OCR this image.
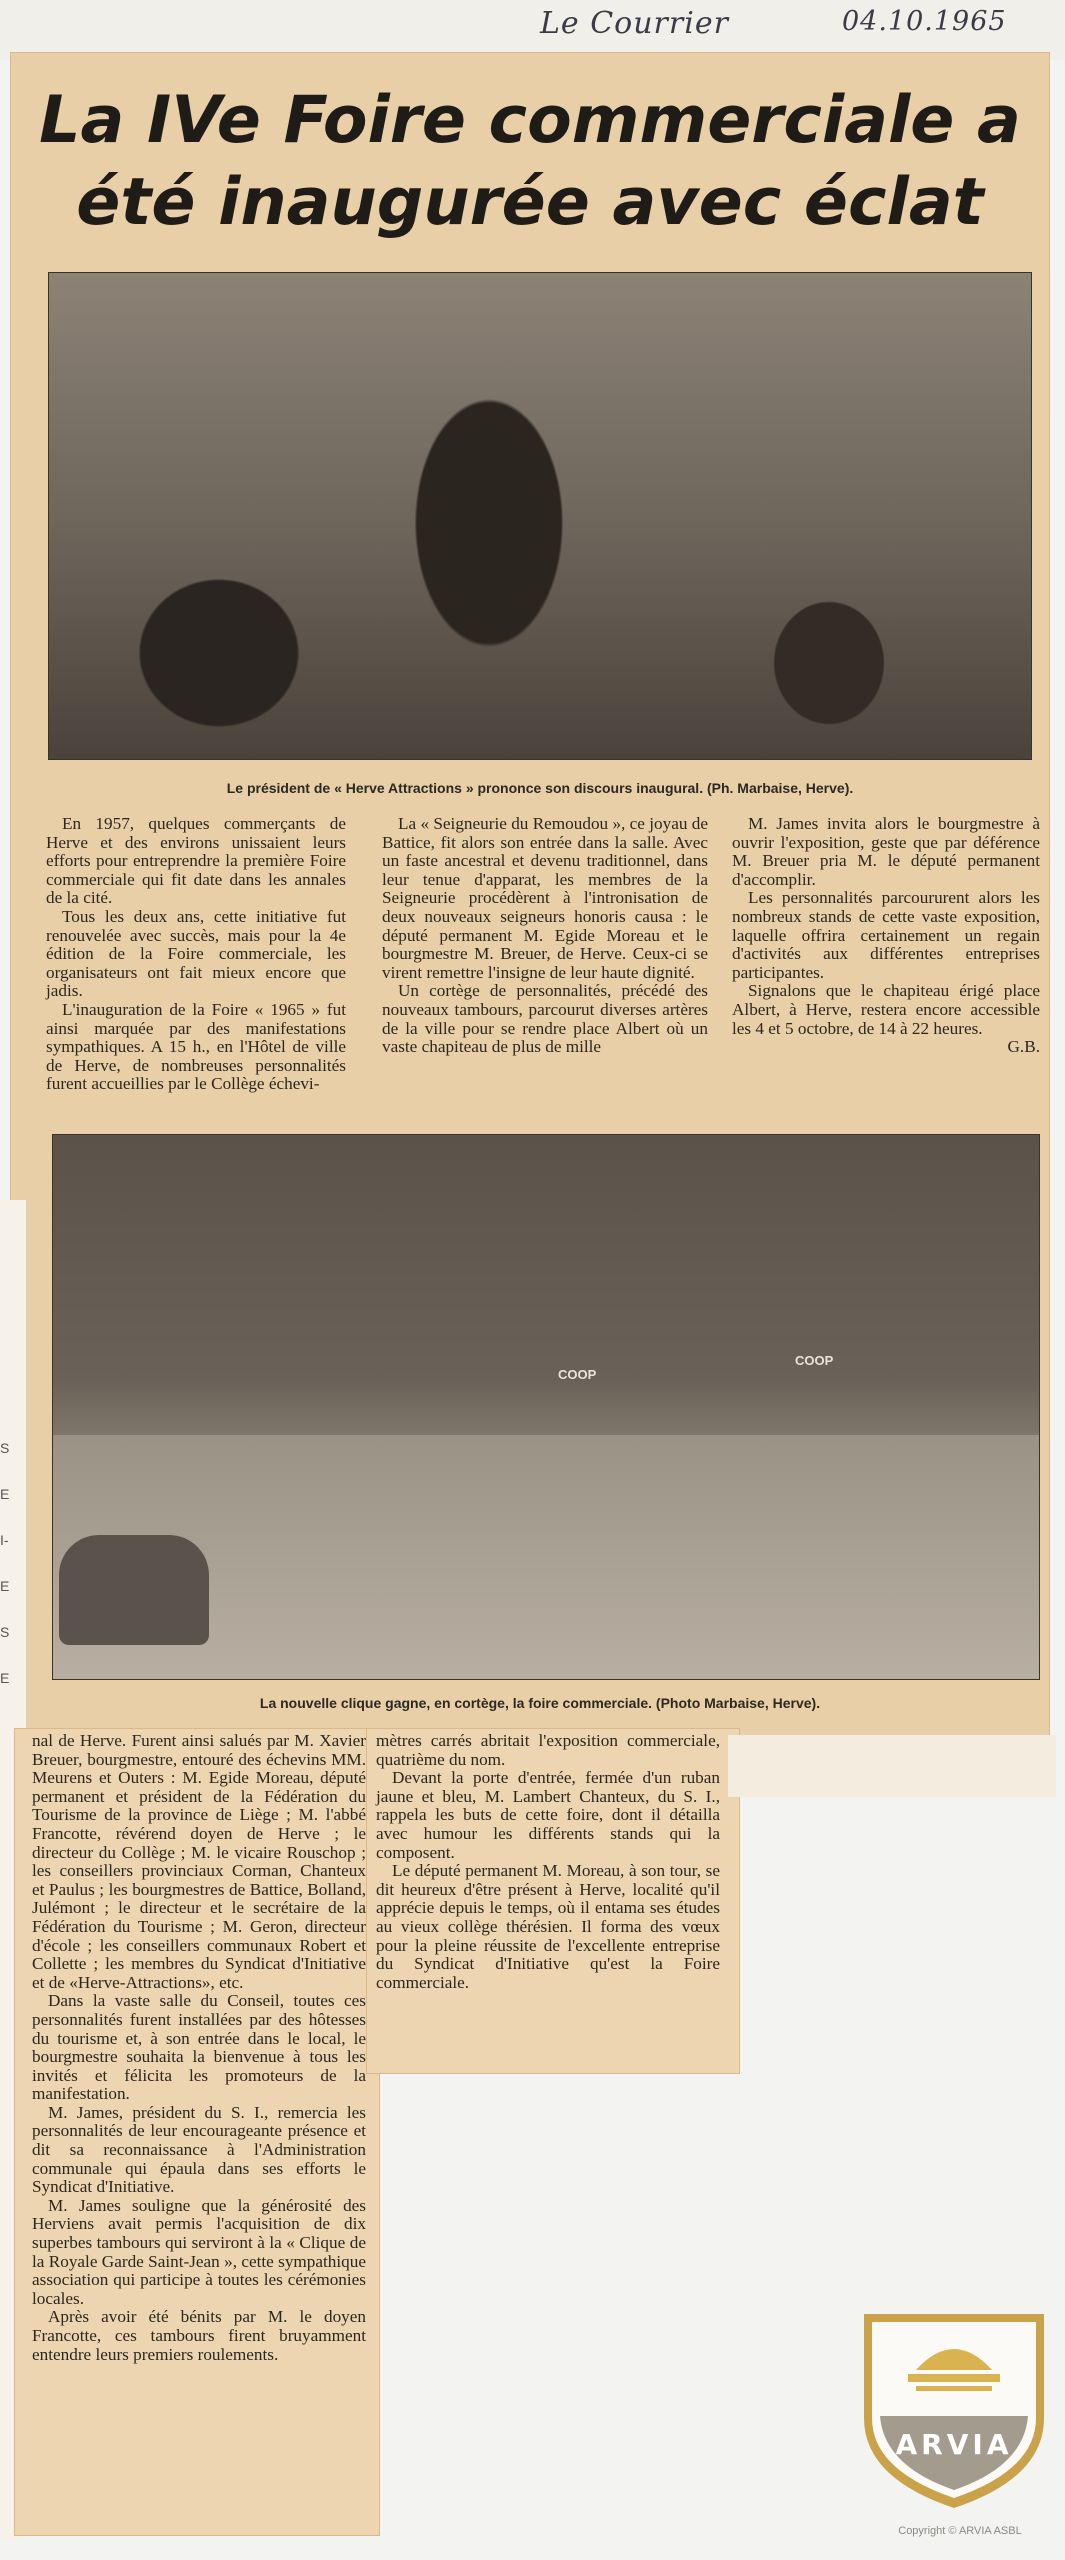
Le Courrier	04.10.1965
La IVe Foire commerciale a été inaugurée avec éclat

Le président de « Herve Attractions » prononce son discours inaugural. (Ph. Marbaise, Herve).

En 1957, quelques commerçants de Herve et des environs unissaient leurs efforts pour entreprendre la première Foire commerciale qui fit date dans les annales de la cité.

Tous les deux ans, cette initiative fut renouvelée avec succès, mais pour la 4e édition de la Foire commerciale, les organisateurs ont fait mieux encore que jadis.

L'inauguration de la Foire « 1965 » fut ainsi marquée par des manifestations sympathiques. A 15 h., en l'Hôtel de ville de Herve, de nombreuses personnalités furent accueillies par le Collège échevi-

La « Seigneurie du Remoudou », ce joyau de Battice, fit alors son entrée dans la salle. Avec un faste ancestral et devenu traditionnel, dans leur tenue d'apparat, les membres de la Seigneurie procédèrent à l'intronisation de deux nouveaux seigneurs honoris causa : le député permanent M. Egide Moreau et le bourgmestre M. Breuer, de Herve. Ceux-ci se virent remettre l'insigne de leur haute dignité.

Un cortège de personnalités, précédé des nouveaux tambours, parcourut diverses artères de la ville pour se rendre place Albert où un vaste chapiteau de plus de mille

M. James invita alors le bourgmestre à ouvrir l'exposition, geste que par déférence M. Breuer pria M. le député permanent d'accomplir.

Les personnalités parcoururent alors les nombreux stands de cette vaste exposition, laquelle offrira certainement un regain d'activités aux différentes entreprises participantes.

Signalons que le chapiteau érigé place Albert, à Herve, restera encore accessible les 4 et 5 octobre, de 14 à 22 heures.

G.B.

COOP
COOP

La nouvelle clique gagne, en cortège, la foire commerciale. (Photo Marbaise, Herve).

nal de Herve. Furent ainsi salués par M. Xavier Breuer, bourgmestre, entouré des échevins MM. Meurens et Outers : M. Egide Moreau, député permanent et président de la Fédération du Tourisme de la province de Liège ; M. l'abbé Francotte, révérend doyen de Herve ; le directeur du Collège ; M. le vicaire Rouschop ; les conseillers provinciaux Corman, Chanteux et Paulus ; les bourgmestres de Battice, Bolland, Julémont ; le directeur et le secrétaire de la Fédération du Tourisme ; M. Geron, directeur d'école ; les conseillers communaux Robert et Collette ; les membres du Syndicat d'Initiative et de «Herve-Attractions», etc.

Dans la vaste salle du Conseil, toutes ces personnalités furent installées par des hôtesses du tourisme et, à son entrée dans le local, le bourgmestre souhaita la bienvenue à tous les invités et félicita les promoteurs de la manifestation.

M. James, président du S. I., remercia les personnalités de leur encourageante présence et dit sa reconnaissance à l'Administration communale qui épaula dans ses efforts le Syndicat d'Initiative.

M. James souligne que la générosité des Herviens avait permis l'acquisition de dix superbes tambours qui serviront à la « Clique de la Royale Garde Saint-Jean », cette sympathique association qui participe à toutes les cérémonies locales.

Après avoir été bénits par M. le doyen Francotte, ces tambours firent bruyamment entendre leurs premiers roulements.

mètres carrés abritait l'exposition commerciale, quatrième du nom.

Devant la porte d'entrée, fermée d'un ruban jaune et bleu, M. Lambert Chanteux, du S. I., rappela les buts de cette foire, dont il détailla avec humour les différents stands qui la composent.

Le député permanent M. Moreau, à son tour, se dit heureux d'être présent à Herve, localité qu'il apprécie depuis le temps, où il entama ses études au vieux collège thérésien. Il forma des vœux pour la pleine réussite de l'excellente entreprise du Syndicat d'Initiative qu'est la Foire commerciale.

S
E
I-
E
S
E
ARVIA
Copyright © ARVIA ASBL
